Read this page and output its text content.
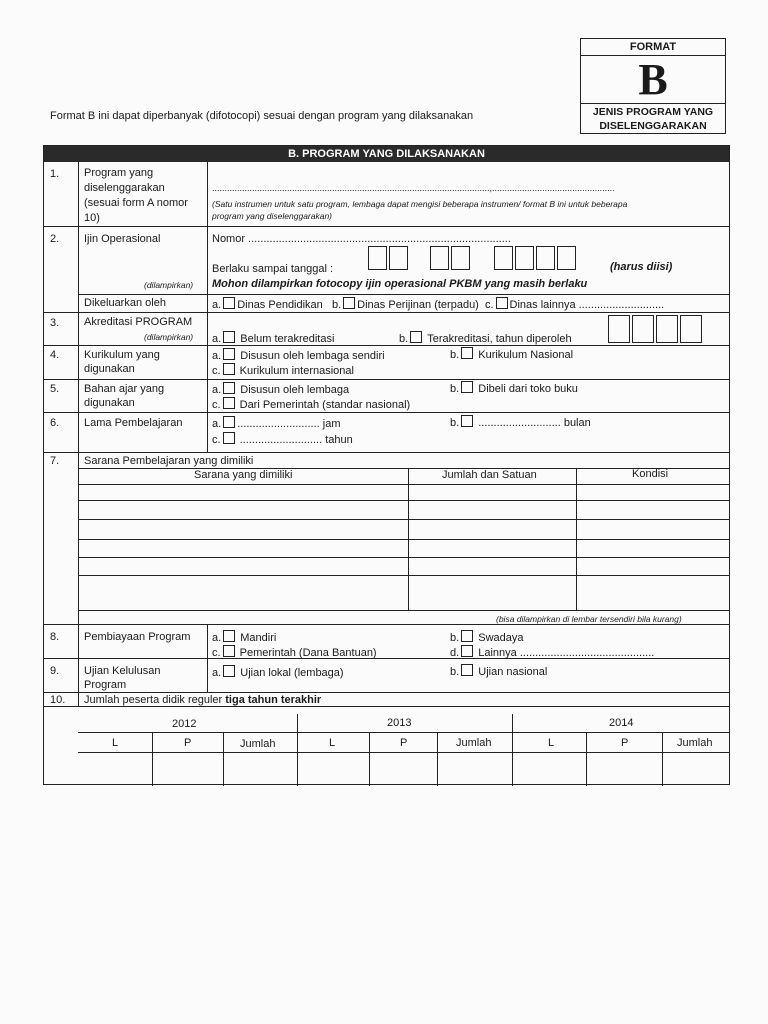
FORMAT
B
JENIS PROGRAM YANG
DISELENGGARAKAN
Format B ini dapat diperbanyak (difotocopi) sesuai dengan program yang dilaksanakan
B. PROGRAM YANG DILAKSANAKAN
1. Program yang
diselenggarakan
(sesuai form A nomor
10)
...............................................................................................................,.................................................
(Satu instrumen untuk satu program, lembaga dapat mengisi beberapa instrumen/ format B ini untuk beberapa
program yang diselenggarakan)
2. Ijin Operasional
(dilampirkan)
Nomor ......................................................................................
Berlaku sampai tanggal :	(harus diisi)
Mohon dilampirkan fotocopy ijin operasional PKBM yang masih berlaku
Dikeluarkan oleh	a. Dinas Pendidikan b. Dinas Perijinan (terpadu) c. Dinas lainnya ............................
3. Akreditasi PROGRAM
(dilampirkan) a. Belum terakreditasi	b. Terakreditasi, tahun diperoleh
4. Kurikulum yang
digunakan
a. Disusun oleh lembaga sendiri	b. Kurikulum Nasional
c. Kurikulum internasional
5. Bahan ajar yang
digunakan
a. Disusun oleh lembaga	b. Dibeli dari toko buku
c. Dari Pemerintah (standar nasional)
6. Lama Pembelajaran	a. ........................... jam	b. ........................... bulan
c. ........................... tahun
7. Sarana Pembelajaran yang dimiliki
Sarana yang dimiliki	Jumlah dan Satuan	Kondisi
(bisa dilampirkan di lembar tersendiri bila kurang)
8. Pembiayaan Program a. Mandiri	b. Swadaya
c. Pemerintah (Dana Bantuan)	d. Lainnya ............................................
9. Ujian Kelulusan
Program
a. Ujian lokal (lembaga)	b. Ujian nasional
10. Jumlah peserta didik reguler tiga tahun terakhir
2012	2013	2014
L	P	Jumlah	L	P	Jumlah	L	P	Jumlah
